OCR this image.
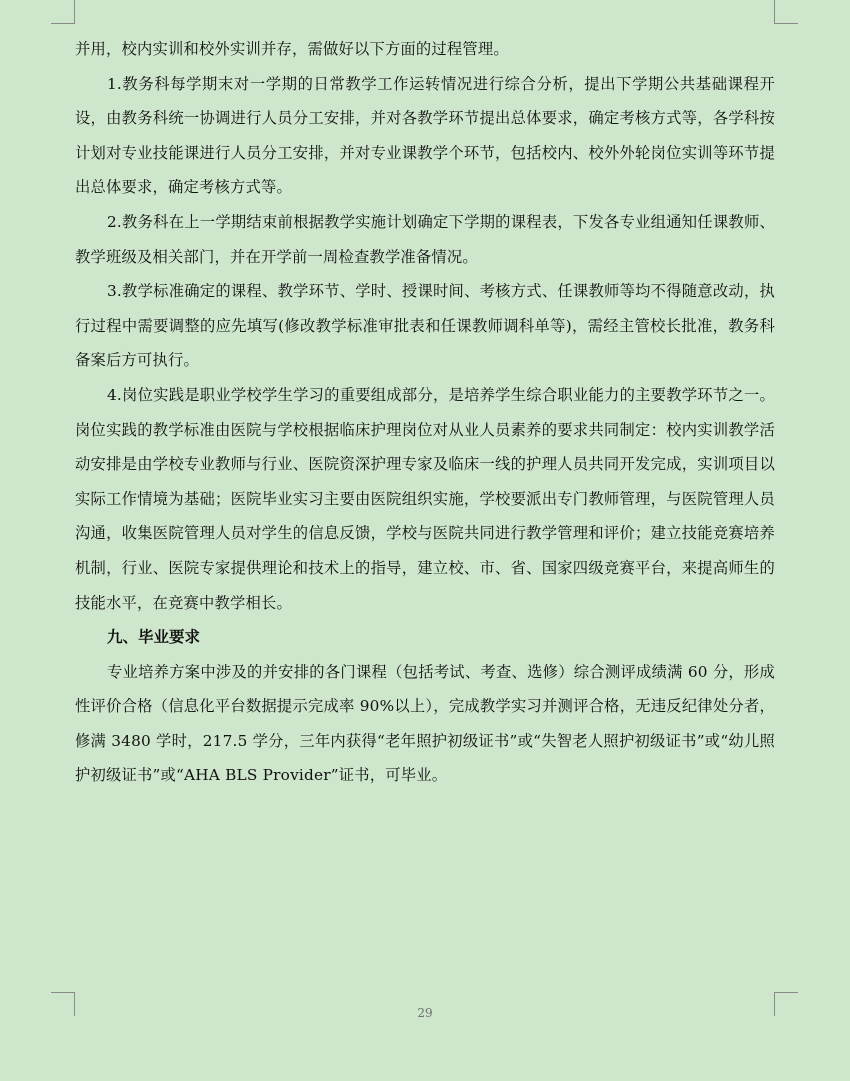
并用，校内实训和校外实训并存，需做好以下方面的过程管理。

1.教务科每学期末对一学期的日常教学工作运转情况进行综合分析，提出下学期公共基础课程开设，由教务科统一协调进行人员分工安排，并对各教学环节提出总体要求，确定考核方式等，各学科按计划对专业技能课进行人员分工安排，并对专业课教学个环节，包括校内、校外外轮岗位实训等环节提出总体要求，确定考核方式等。

2.教务科在上一学期结束前根据教学实施计划确定下学期的课程表，下发各专业组通知任课教师、教学班级及相关部门，并在开学前一周检查教学准备情况。

3.教学标准确定的课程、教学环节、学时、授课时间、考核方式、任课教师等均不得随意改动，执行过程中需要调整的应先填写(修改教学标准审批表和任课教师调科单等)，需经主管校长批准，教务科备案后方可执行。

4.岗位实践是职业学校学生学习的重要组成部分，是培养学生综合职业能力的主要教学环节之一。岗位实践的教学标准由医院与学校根据临床护理岗位对从业人员素养的要求共同制定：校内实训教学活动安排是由学校专业教师与行业、医院资深护理专家及临床一线的护理人员共同开发完成，实训项目以实际工作情境为基础；医院毕业实习主要由医院组织实施，学校要派出专门教师管理，与医院管理人员沟通，收集医院管理人员对学生的信息反馈，学校与医院共同进行教学管理和评价；建立技能竞赛培养机制，行业、医院专家提供理论和技术上的指导，建立校、市、省、国家四级竞赛平台，来提高师生的技能水平，在竞赛中教学相长。

九、毕业要求

专业培养方案中涉及的并安排的各门课程（包括考试、考查、选修）综合测评成绩满 60 分，形成性评价合格（信息化平台数据提示完成率 90%以上），完成教学实习并测评合格，无违反纪律处分者，修满 3480 学时，217.5 学分，三年内获得“老年照护初级证书”或“失智老人照护初级证书”或“幼儿照护初级证书”或“AHA BLS Provider”证书，可毕业。

29
